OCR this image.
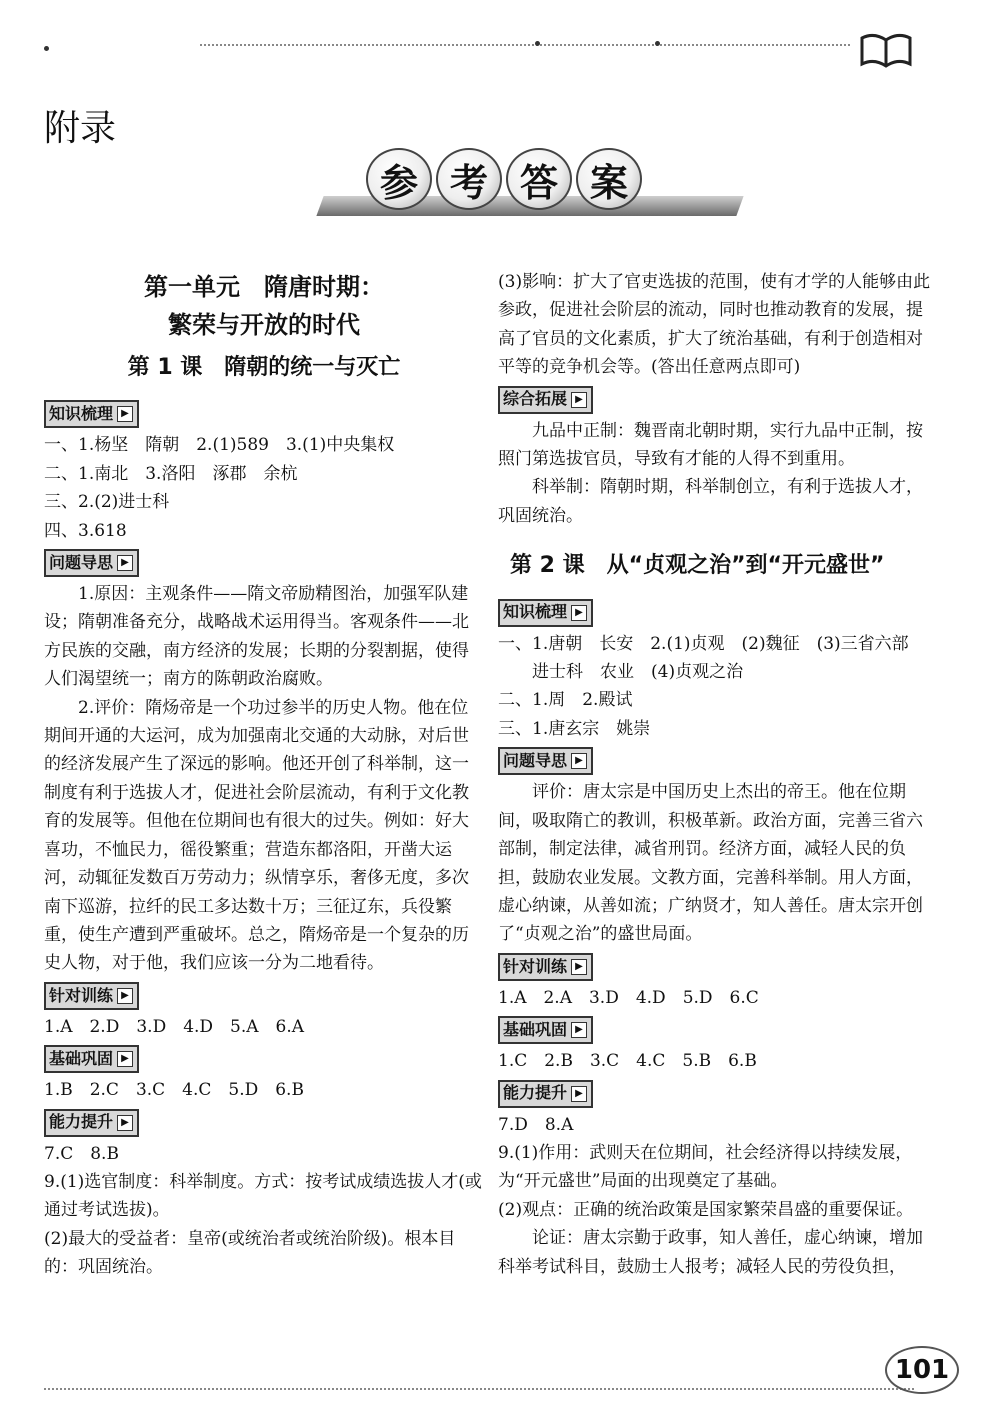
附录
参 考 答 案
第一单元　隋唐时期：
繁荣与开放的时代
第 1 课　隋朝的统一与灭亡
知识梳理 ▶

一、1.杨坚　隋朝　2.(1)589　3.(1)中央集权

二、1.南北　3.洛阳　涿郡　余杭

三、2.(2)进士科

四、3.618

问题导思 ▶

1.原因：主观条件——隋文帝励精图治，加强军队建设；隋朝准备充分，战略战术运用得当。客观条件——北方民族的交融，南方经济的发展；长期的分裂割据，使得人们渴望统一；南方的陈朝政治腐败。

2.评价：隋炀帝是一个功过参半的历史人物。他在位期间开通的大运河，成为加强南北交通的大动脉，对后世的经济发展产生了深远的影响。他还开创了科举制，这一制度有利于选拔人才，促进社会阶层流动，有利于文化教育的发展等。但他在位期间也有很大的过失。例如：好大喜功，不恤民力，徭役繁重；营造东都洛阳，开凿大运河，动辄征发数百万劳动力；纵情享乐，奢侈无度，多次南下巡游，拉纤的民工多达数十万；三征辽东，兵役繁重，使生产遭到严重破坏。总之，隋炀帝是一个复杂的历史人物，对于他，我们应该一分为二地看待。

针对训练 ▶

1.A　2.D　3.D　4.D　5.A　6.A

基础巩固 ▶

1.B　2.C　3.C　4.C　5.D　6.B

能力提升 ▶

7.C　8.B

9.(1)选官制度：科举制度。方式：按考试成绩选拔人才(或通过考试选拔)。

(2)最大的受益者：皇帝(或统治者或统治阶级)。根本目的：巩固统治。

(3)影响：扩大了官吏选拔的范围，使有才学的人能够由此参政，促进社会阶层的流动，同时也推动教育的发展，提高了官员的文化素质，扩大了统治基础，有利于创造相对平等的竞争机会等。(答出任意两点即可)

综合拓展 ▶

九品中正制：魏晋南北朝时期，实行九品中正制，按照门第选拔官员，导致有才能的人得不到重用。

科举制：隋朝时期，科举制创立，有利于选拔人才，巩固统治。

第 2 课　从“贞观之治”到“开元盛世”
知识梳理 ▶

一、1.唐朝　长安　2.(1)贞观　(2)魏征　(3)三省六部　进士科　农业　(4)贞观之治

二、1.周　2.殿试

三、1.唐玄宗　姚崇

问题导思 ▶

评价：唐太宗是中国历史上杰出的帝王。他在位期间，吸取隋亡的教训，积极革新。政治方面，完善三省六部制，制定法律，减省刑罚。经济方面，减轻人民的负担，鼓励农业发展。文教方面，完善科举制。用人方面，虚心纳谏，从善如流；广纳贤才，知人善任。唐太宗开创了“贞观之治”的盛世局面。

针对训练 ▶

1.A　2.A　3.D　4.D　5.D　6.C

基础巩固 ▶

1.C　2.B　3.C　4.C　5.B　6.B

能力提升 ▶

7.D　8.A

9.(1)作用：武则天在位期间，社会经济得以持续发展，为“开元盛世”局面的出现奠定了基础。

(2)观点：正确的统治政策是国家繁荣昌盛的重要保证。

论证：唐太宗勤于政事，知人善任，虚心纳谏，增加科举考试科目，鼓励士人报考；减轻人民的劳役负担，

101
